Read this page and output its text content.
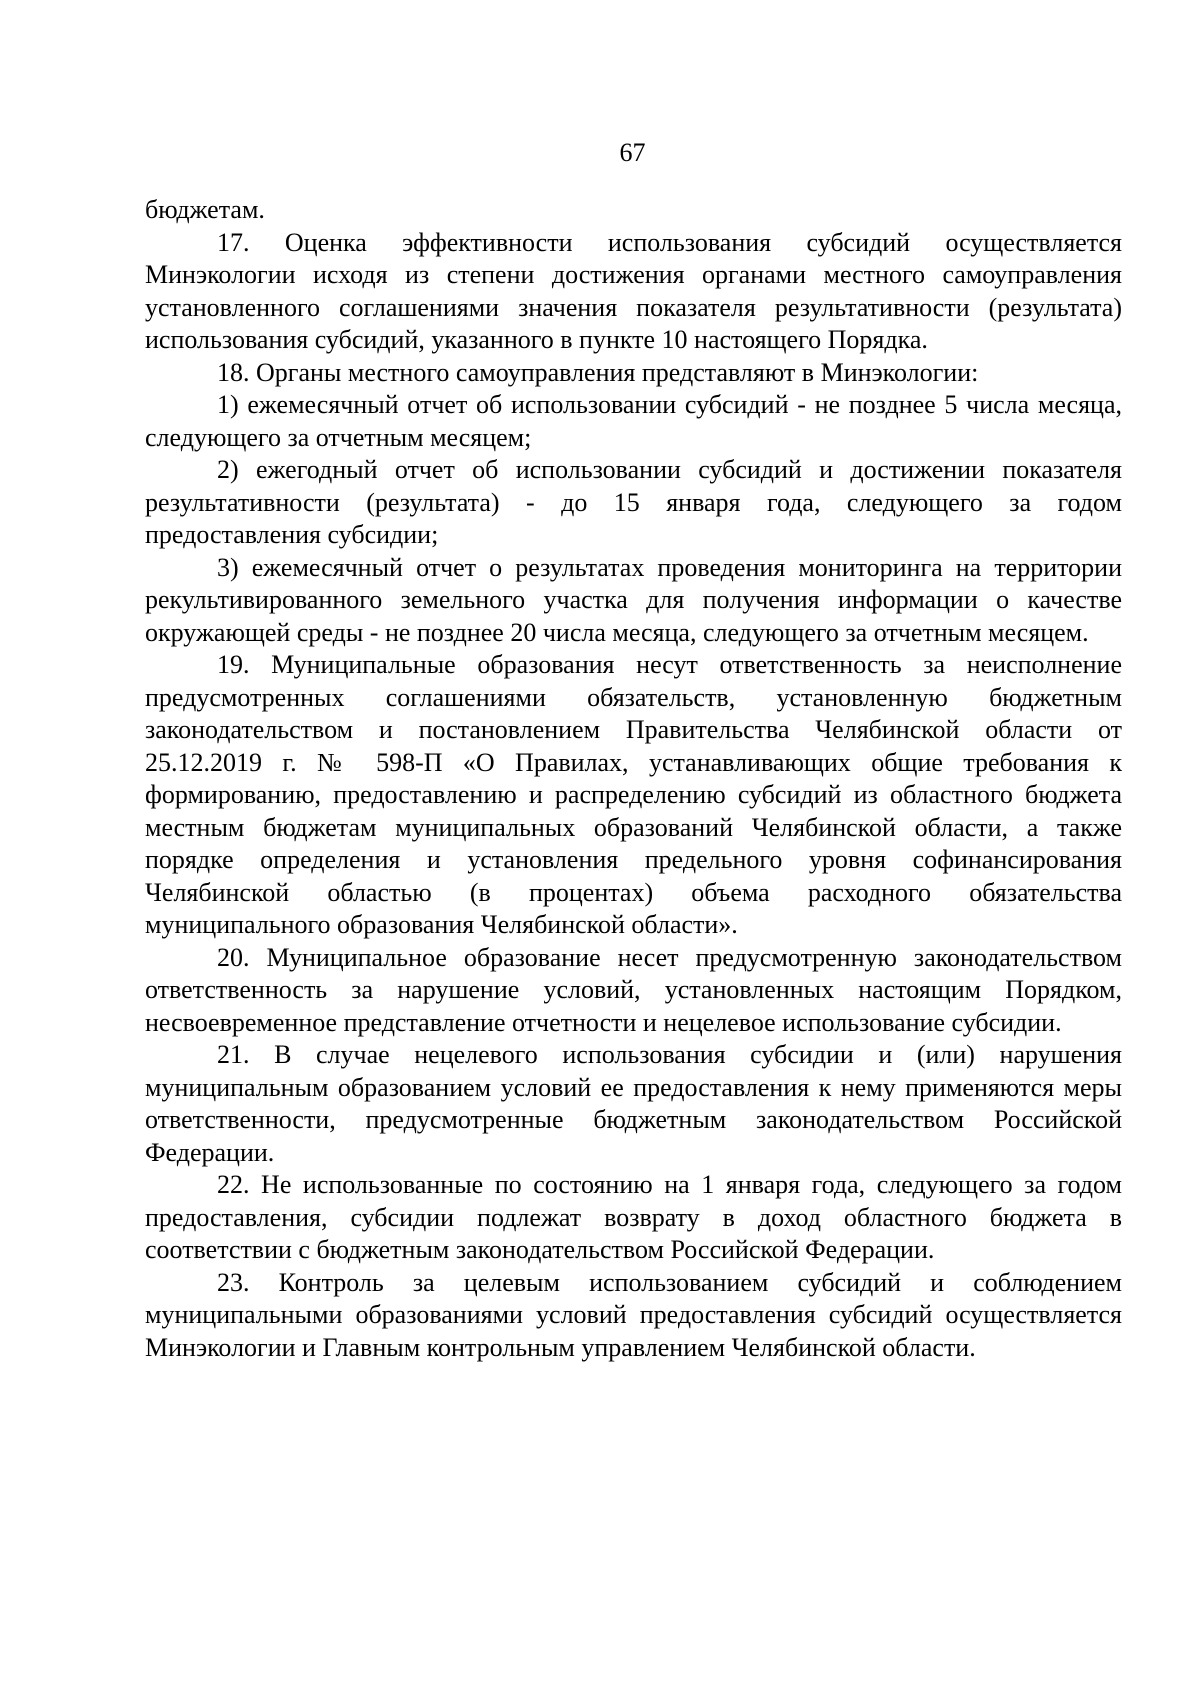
67

бюджетам.

17. Оценка эффективности использования субсидий осуществляется Минэкологии исходя из степени достижения органами местного самоуправления установленного соглашениями значения показателя результативности (результата) использования субсидий, указанного в пункте 10 настоящего Порядка.

18. Органы местного самоуправления представляют в Минэкологии:

1) ежемесячный отчет об использовании субсидий - не позднее 5 числа месяца, следующего за отчетным месяцем;

2) ежегодный отчет об использовании субсидий и достижении показателя результативности (результата) - до 15 января года, следующего за годом предоставления субсидии;

3) ежемесячный отчет о результатах проведения мониторинга на территории рекультивированного земельного участка для получения информации о качестве окружающей среды - не позднее 20 числа месяца, следующего за отчетным месяцем.

19. Муниципальные образования несут ответственность за неисполнение предусмотренных соглашениями обязательств, установленную бюджетным законодательством и постановлением Правительства Челябинской области от 25.12.2019 г. № 598-П «О Правилах, устанавливающих общие требования к формированию, предоставлению и распределению субсидий из областного бюджета местным бюджетам муниципальных образований Челябинской области, а также порядке определения и установления предельного уровня софинансирования Челябинской областью (в процентах) объема расходного обязательства муниципального образования Челябинской области».

20. Муниципальное образование несет предусмотренную законодательством ответственность за нарушение условий, установленных настоящим Порядком, несвоевременное представление отчетности и нецелевое использование субсидии.

21. В случае нецелевого использования субсидии и (или) нарушения муниципальным образованием условий ее предоставления к нему применяются меры ответственности, предусмотренные бюджетным законодательством Российской Федерации.

22. Не использованные по состоянию на 1 января года, следующего за годом предоставления, субсидии подлежат возврату в доход областного бюджета в соответствии с бюджетным законодательством Российской Федерации.

23. Контроль за целевым использованием субсидий и соблюдением муниципальными образованиями условий предоставления субсидий осуществляется Минэкологии и Главным контрольным управлением Челябинской области.
